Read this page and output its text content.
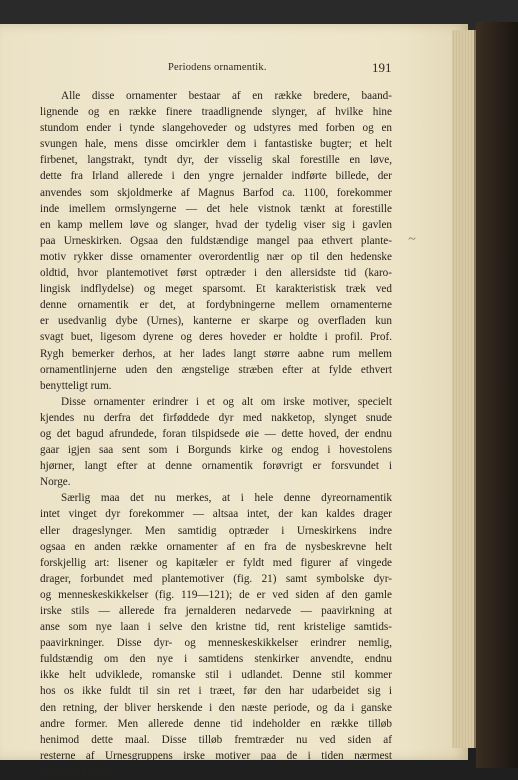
Periodens ornamentik.	191
Alle disse ornamenter bestaar af en række bredere, baand-
lignende og en række finere traadlignende slynger, af hvilke hine
stundom ender i tynde slangehoveder og udstyres med forben og en
svungen hale, mens disse omcirkler dem i fantastiske bugter; et helt
firbenet, langstrakt, tyndt dyr, der visselig skal forestille en løve,
dette fra Irland allerede i den yngre jernalder indførte billede, der
anvendes som skjoldmerke af Magnus Barfod ca. 1100, forekommer
inde imellem ormslyngerne — det hele vistnok tænkt at forestille
en kamp mellem løve og slanger, hvad der tydelig viser sig i gavlen
paa Urneskirken. Ogsaa den fuldstændige mangel paa ethvert plante-
motiv rykker disse ornamenter overordentlig nær op til den hedenske
oldtid, hvor plantemotivet først optræder i den allersidste tid (karo-
lingisk indflydelse) og meget sparsomt. Et karakteristisk træk ved
denne ornamentik er det, at fordybningerne mellem ornamenterne
er usedvanlig dybe (Urnes), kanterne er skarpe og overfladen kun
svagt buet, ligesom dyrene og deres hoveder er holdte i profil. Prof.
Rygh bemerker derhos, at her lades langt større aabne rum mellem
ornamentlinjerne uden den ængstelige stræben efter at fylde ethvert
benytteligt rum.
Disse ornamenter erindrer i et og alt om irske motiver, specielt
kjendes nu derfra det firføddede dyr med nakketop, slynget snude
og det bagud afrundede, foran tilspidsede øie — dette hoved, der endnu
gaar igjen saa sent som i Borgunds kirke og endog i hovestolens
hjørner, langt efter at denne ornamentik forøvrigt er forsvundet i
Norge.
Særlig maa det nu merkes, at i hele denne dyreornamentik
intet vinget dyr forekommer — altsaa intet, der kan kaldes drager
eller drageslynger. Men samtidig optræder i Urneskirkens indre
ogsaa en anden række ornamenter af en fra de nysbeskrevne helt
forskjellig art: lisener og kapitæler er fyldt med figurer af vingede
drager, forbundet med plantemotiver (fig. 21) samt symbolske dyr-
og menneskeskikkelser (fig. 119—121); de er ved siden af den gamle
irske stils — allerede fra jernalderen nedarvede — paavirkning at
anse som nye laan i selve den kristne tid, rent kristelige samtids-
paavirkninger. Disse dyr- og menneskeskikkelser erindrer nemlig,
fuldstændig om den nye i samtidens stenkirker anvendte, endnu
ikke helt udviklede, romanske stil i udlandet. Denne stil kommer
hos os ikke fuldt til sin ret i træet, før den har udarbeidet sig i
den retning, der bliver herskende i den næste periode, og da i ganske
andre former. Men allerede denne tid indeholder en række tilløb
henimod dette maal. Disse tilløb fremtræder nu ved siden af
resterne af Urnesgruppens irske motiver paa de i tiden nærmest
følgende kirker.
~
